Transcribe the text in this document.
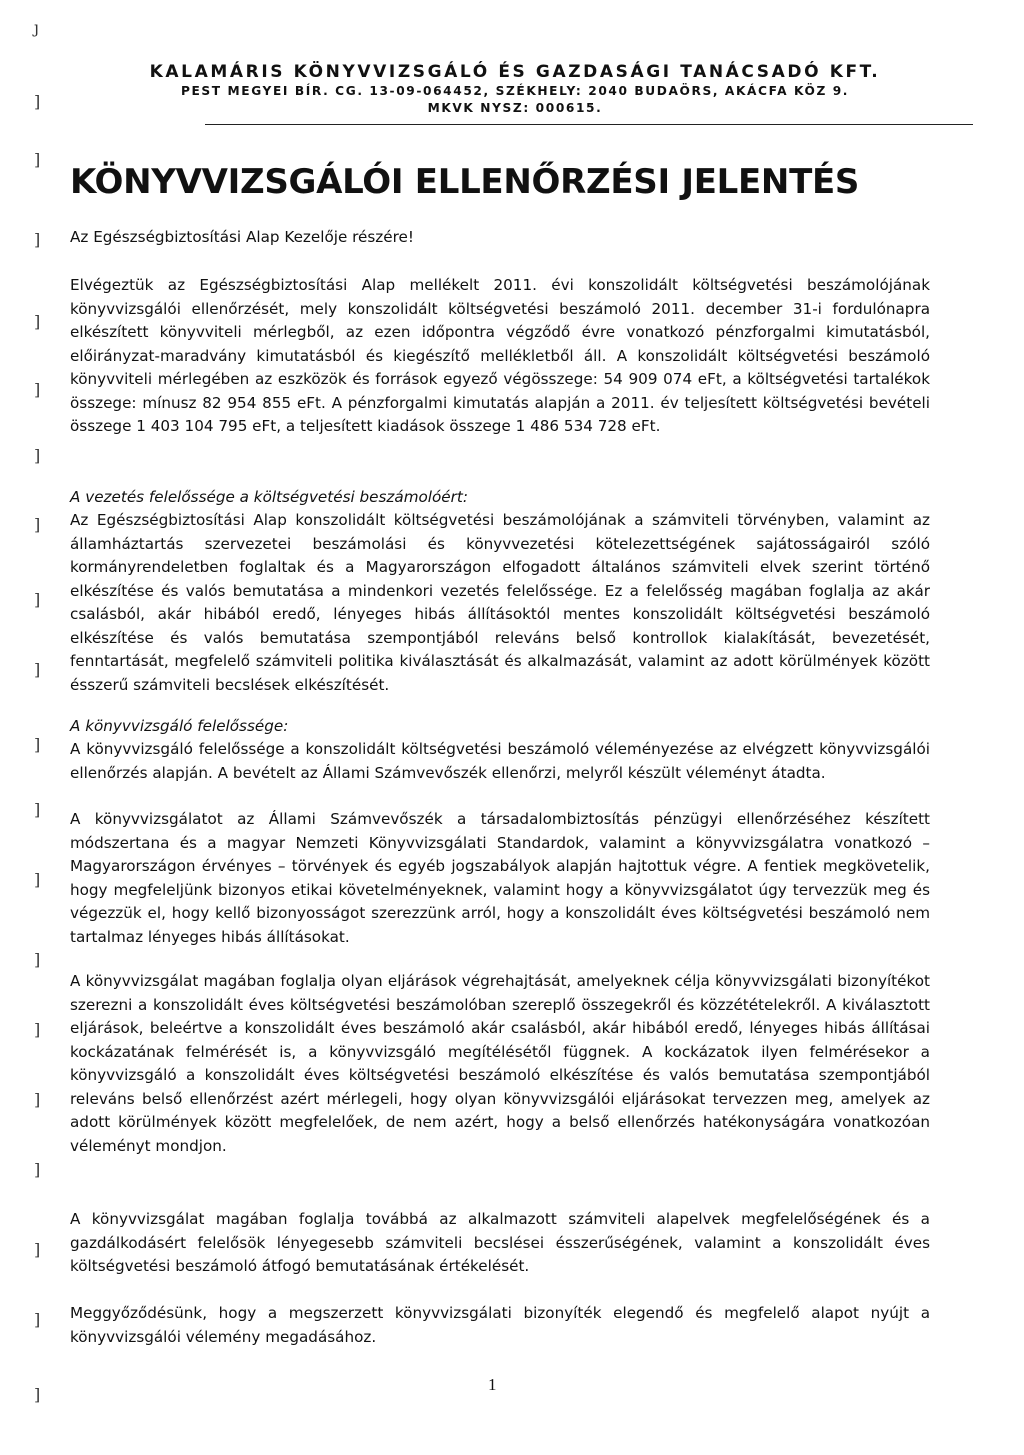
KALAMÁRIS KÖNYVVIZSGÁLÓ ÉS GAZDASÁGI TANÁCSADÓ KFT.
PEST MEGYEI BÍR. CG. 13-09-064452, SZÉKHELY: 2040 BUDAÖRS, AKÁCFA KÖZ 9.
MKVK NYSZ: 000615.
KÖNYVVIZSGÁLÓI ELLENŐRZÉSI JELENTÉS
Az Egészségbiztosítási Alap Kezelője részére!
Elvégeztük az Egészségbiztosítási Alap mellékelt 2011. évi konszolidált költségvetési beszámolójának könyvvizsgálói ellenőrzését, mely konszolidált költségvetési beszámoló 2011. december 31-i fordulónapra elkészített könyvviteli mérlegből, az ezen időpontra végződő évre vonatkozó pénzforgalmi kimutatásból, előirányzat-maradvány kimutatásból és kiegészítő mellékletből áll. A konszolidált költségvetési beszámoló könyvviteli mérlegében az eszközök és források egyező végösszege: 54 909 074 eFt, a költségvetési tartalékok összege: mínusz 82 954 855 eFt. A pénzforgalmi kimutatás alapján a 2011. év teljesített költségvetési bevételi összege 1 403 104 795 eFt, a teljesített kiadások összege 1 486 534 728 eFt.
A vezetés felelőssége a költségvetési beszámolóért:
Az Egészségbiztosítási Alap konszolidált költségvetési beszámolójának a számviteli törvényben, valamint az államháztartás szervezetei beszámolási és könyvvezetési kötelezettségének sajátosságairól szóló kormányrendeletben foglaltak és a Magyarországon elfogadott általános számviteli elvek szerint történő elkészítése és valós bemutatása a mindenkori vezetés felelőssége. Ez a felelősség magában foglalja az akár csalásból, akár hibából eredő, lényeges hibás állításoktól mentes konszolidált költségvetési beszámoló elkészítése és valós bemutatása szempontjából releváns belső kontrollok kialakítását, bevezetését, fenntartását, megfelelő számviteli politika kiválasztását és alkalmazását, valamint az adott körülmények között ésszerű számviteli becslések elkészítését.
A könyvvizsgáló felelőssége:
A könyvvizsgáló felelőssége a konszolidált költségvetési beszámoló véleményezése az elvégzett könyvvizsgálói ellenőrzés alapján. A bevételt az Állami Számvevőszék ellenőrzi, melyről készült véleményt átadta.
A könyvvizsgálatot az Állami Számvevőszék a társadalombiztosítás pénzügyi ellenőrzéséhez készített módszertana és a magyar Nemzeti Könyvvizsgálati Standardok, valamint a könyvvizsgálatra vonatkozó – Magyarországon érvényes – törvények és egyéb jogszabályok alapján hajtottuk végre. A fentiek megkövetelik, hogy megfeleljünk bizonyos etikai követelményeknek, valamint hogy a könyvvizsgálatot úgy tervezzük meg és végezzük el, hogy kellő bizonyosságot szerezzünk arról, hogy a konszolidált éves költségvetési beszámoló nem tartalmaz lényeges hibás állításokat.
A könyvvizsgálat magában foglalja olyan eljárások végrehajtását, amelyeknek célja könyvvizsgálati bizonyítékot szerezni a konszolidált éves költségvetési beszámolóban szereplő összegekről és közzétételekről. A kiválasztott eljárások, beleértve a konszolidált éves beszámoló akár csalásból, akár hibából eredő, lényeges hibás állításai kockázatának felmérését is, a könyvvizsgáló megítélésétől függnek. A kockázatok ilyen felmérésekor a könyvvizsgáló a konszolidált éves költségvetési beszámoló elkészítése és valós bemutatása szempontjából releváns belső ellenőrzést azért mérlegeli, hogy olyan könyvvizsgálói eljárásokat tervezzen meg, amelyek az adott körülmények között megfelelőek, de nem azért, hogy a belső ellenőrzés hatékonyságára vonatkozóan véleményt mondjon.
A könyvvizsgálat magában foglalja továbbá az alkalmazott számviteli alapelvek megfelelőségének és a gazdálkodásért felelősök lényegesebb számviteli becslései ésszerűségének, valamint a konszolidált éves költségvetési beszámoló átfogó bemutatásának értékelését.
Meggyőződésünk, hogy a megszerzett könyvvizsgálati bizonyíték elegendő és megfelelő alapot nyújt a könyvvizsgálói vélemény megadásához.
1
ȷ
]
]
]
]
]
]
]
]
]
]
]
]
]
]
]
]
]
]
]
